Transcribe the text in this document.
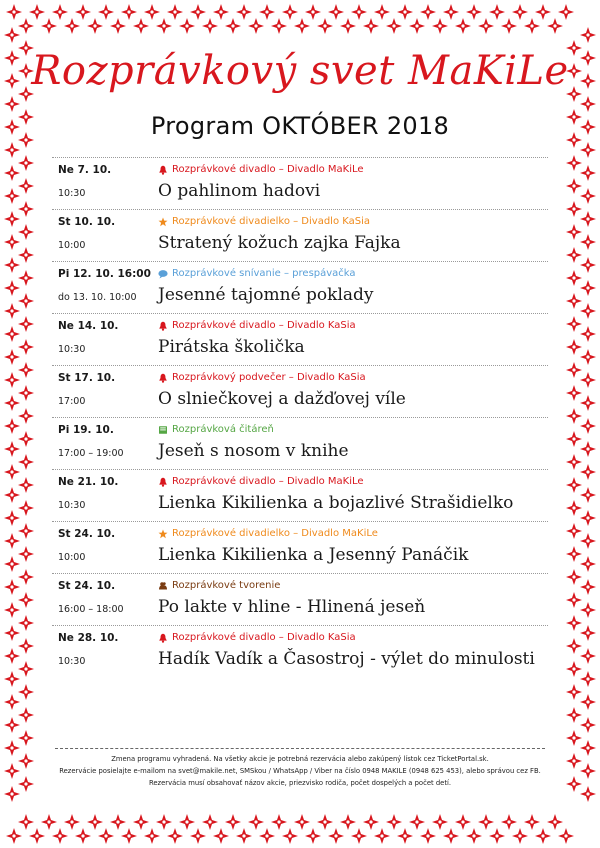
Rozprávkový svet MaKiLe
Program OKTÓBER 2018
Ne 7. 10.
10:30
Rozprávkové divadlo – Divadlo MaKiLe
O pahlinom hadovi
St 10. 10.
10:00
Rozprávkové divadielko – Divadlo KaSia
Stratený kožuch zajka Fajka
Pi 12. 10. 16:00
do 13. 10. 10:00
Rozprávkové snívanie – prespávačka
Jesenné tajomné poklady
Ne 14. 10.
10:30
Rozprávkové divadlo – Divadlo KaSia
Pirátska školička
St 17. 10.
17:00
Rozprávkový podvečer – Divadlo KaSia
O slniečkovej a dažďovej víle
Pi 19. 10.
17:00 – 19:00
Rozprávková čitáreň
Jeseň s nosom v knihe
Ne 21. 10.
10:30
Rozprávkové divadlo – Divadlo MaKiLe
Lienka Kikilienka a bojazlivé Strašidielko
St 24. 10.
10:00
Rozprávkové divadielko – Divadlo MaKiLe
Lienka Kikilienka a Jesenný Panáčik
St 24. 10.
16:00 – 18:00
Rozprávkové tvorenie
Po lakte v hline - Hlinená jeseň
Ne 28. 10.
10:30
Rozprávkové divadlo – Divadlo KaSia
Hadík Vadík a Časostroj - výlet do minulosti
Zmena programu vyhradená. Na všetky akcie je potrebná rezervácia alebo zakúpený lístok cez TicketPortal.sk.
Rezervácie posielajte e-mailom na svet@makile.net, SMSkou / WhatsApp / Viber na číslo 0948 MAKILE (0948 625 453), alebo správou cez FB.
Rezervácia musí obsahovať názov akcie, priezvisko rodiča, počet dospelých a počet detí.
